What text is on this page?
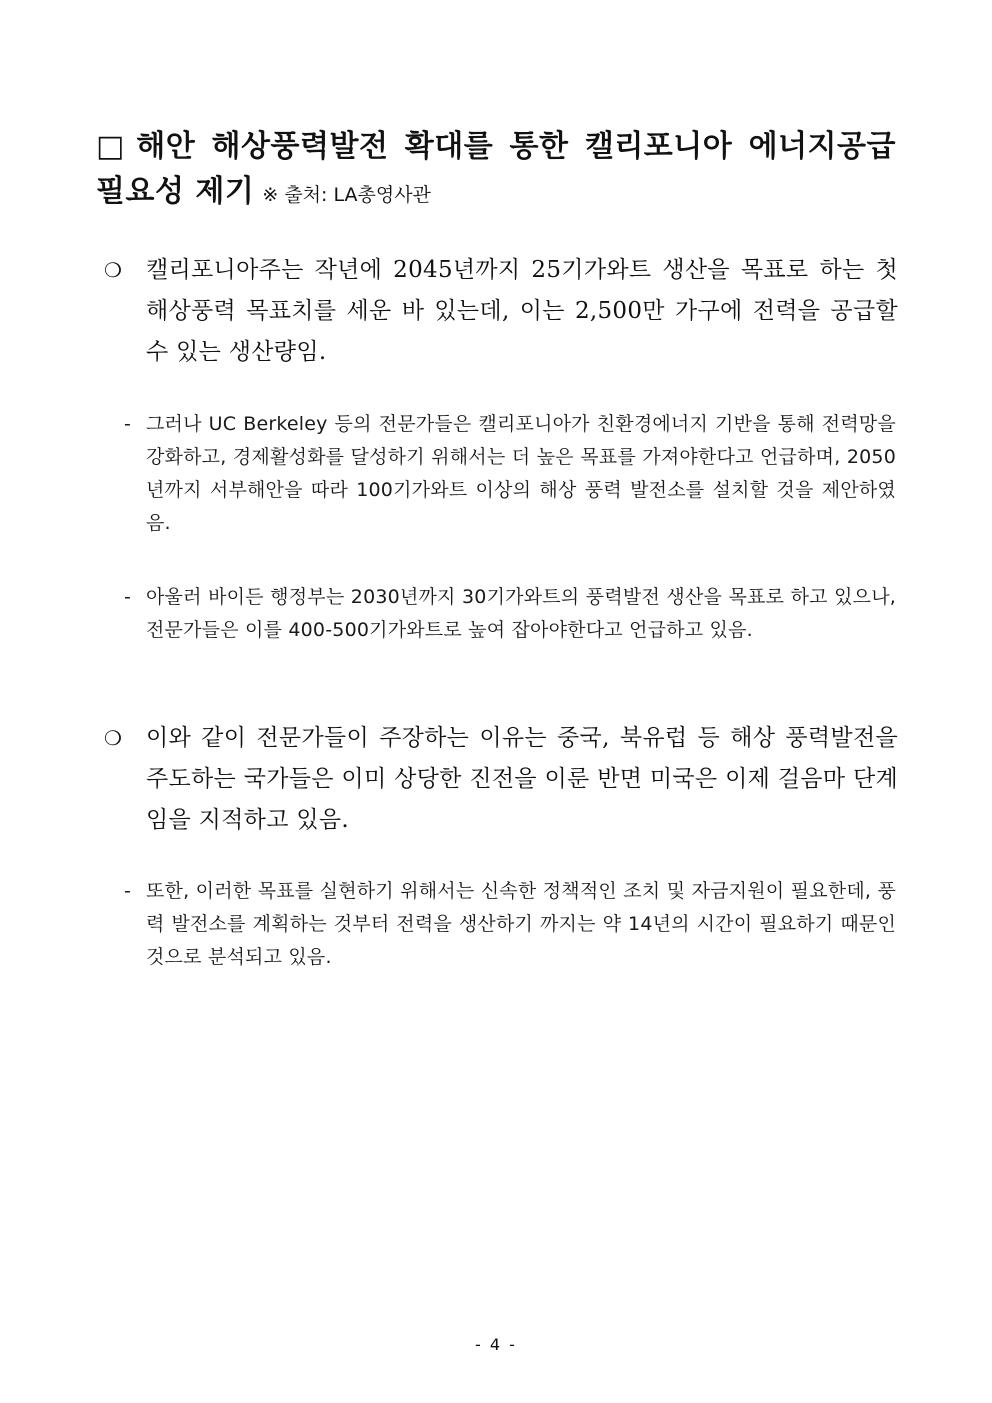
□ 해안 해상풍력발전 확대를 통한 캘리포니아 에너지공급 필요성 제기 ※ 출처: LA총영사관
❍	캘리포니아주는 작년에 2045년까지 25기가와트 생산을 목표로 하는 첫 해상풍력 목표치를 세운 바 있는데, 이는 2,500만 가구에 전력을 공급할 수 있는 생산량임.
- 그러나 UC Berkeley 등의 전문가들은 캘리포니아가 친환경에너지 기반을 통해 전력망을 강화하고, 경제활성화를 달성하기 위해서는 더 높은 목표를 가져야한다고 언급하며, 2050년까지 서부해안을 따라 100기가와트 이상의 해상 풍력 발전소를 설치할 것을 제안하였음.
- 아울러 바이든 행정부는 2030년까지 30기가와트의 풍력발전 생산을 목표로 하고 있으나, 전문가들은 이를 400-500기가와트로 높여 잡아야한다고 언급하고 있음.
❍	이와 같이 전문가들이 주장하는 이유는 중국, 북유럽 등 해상 풍력발전을 주도하는 국가들은 이미 상당한 진전을 이룬 반면 미국은 이제 걸음마 단계임을 지적하고 있음.
- 또한, 이러한 목표를 실현하기 위해서는 신속한 정책적인 조치 및 자금지원이 필요한데, 풍력 발전소를 계획하는 것부터 전력을 생산하기 까지는 약 14년의 시간이 필요하기 때문인 것으로 분석되고 있음.
- 4 -
